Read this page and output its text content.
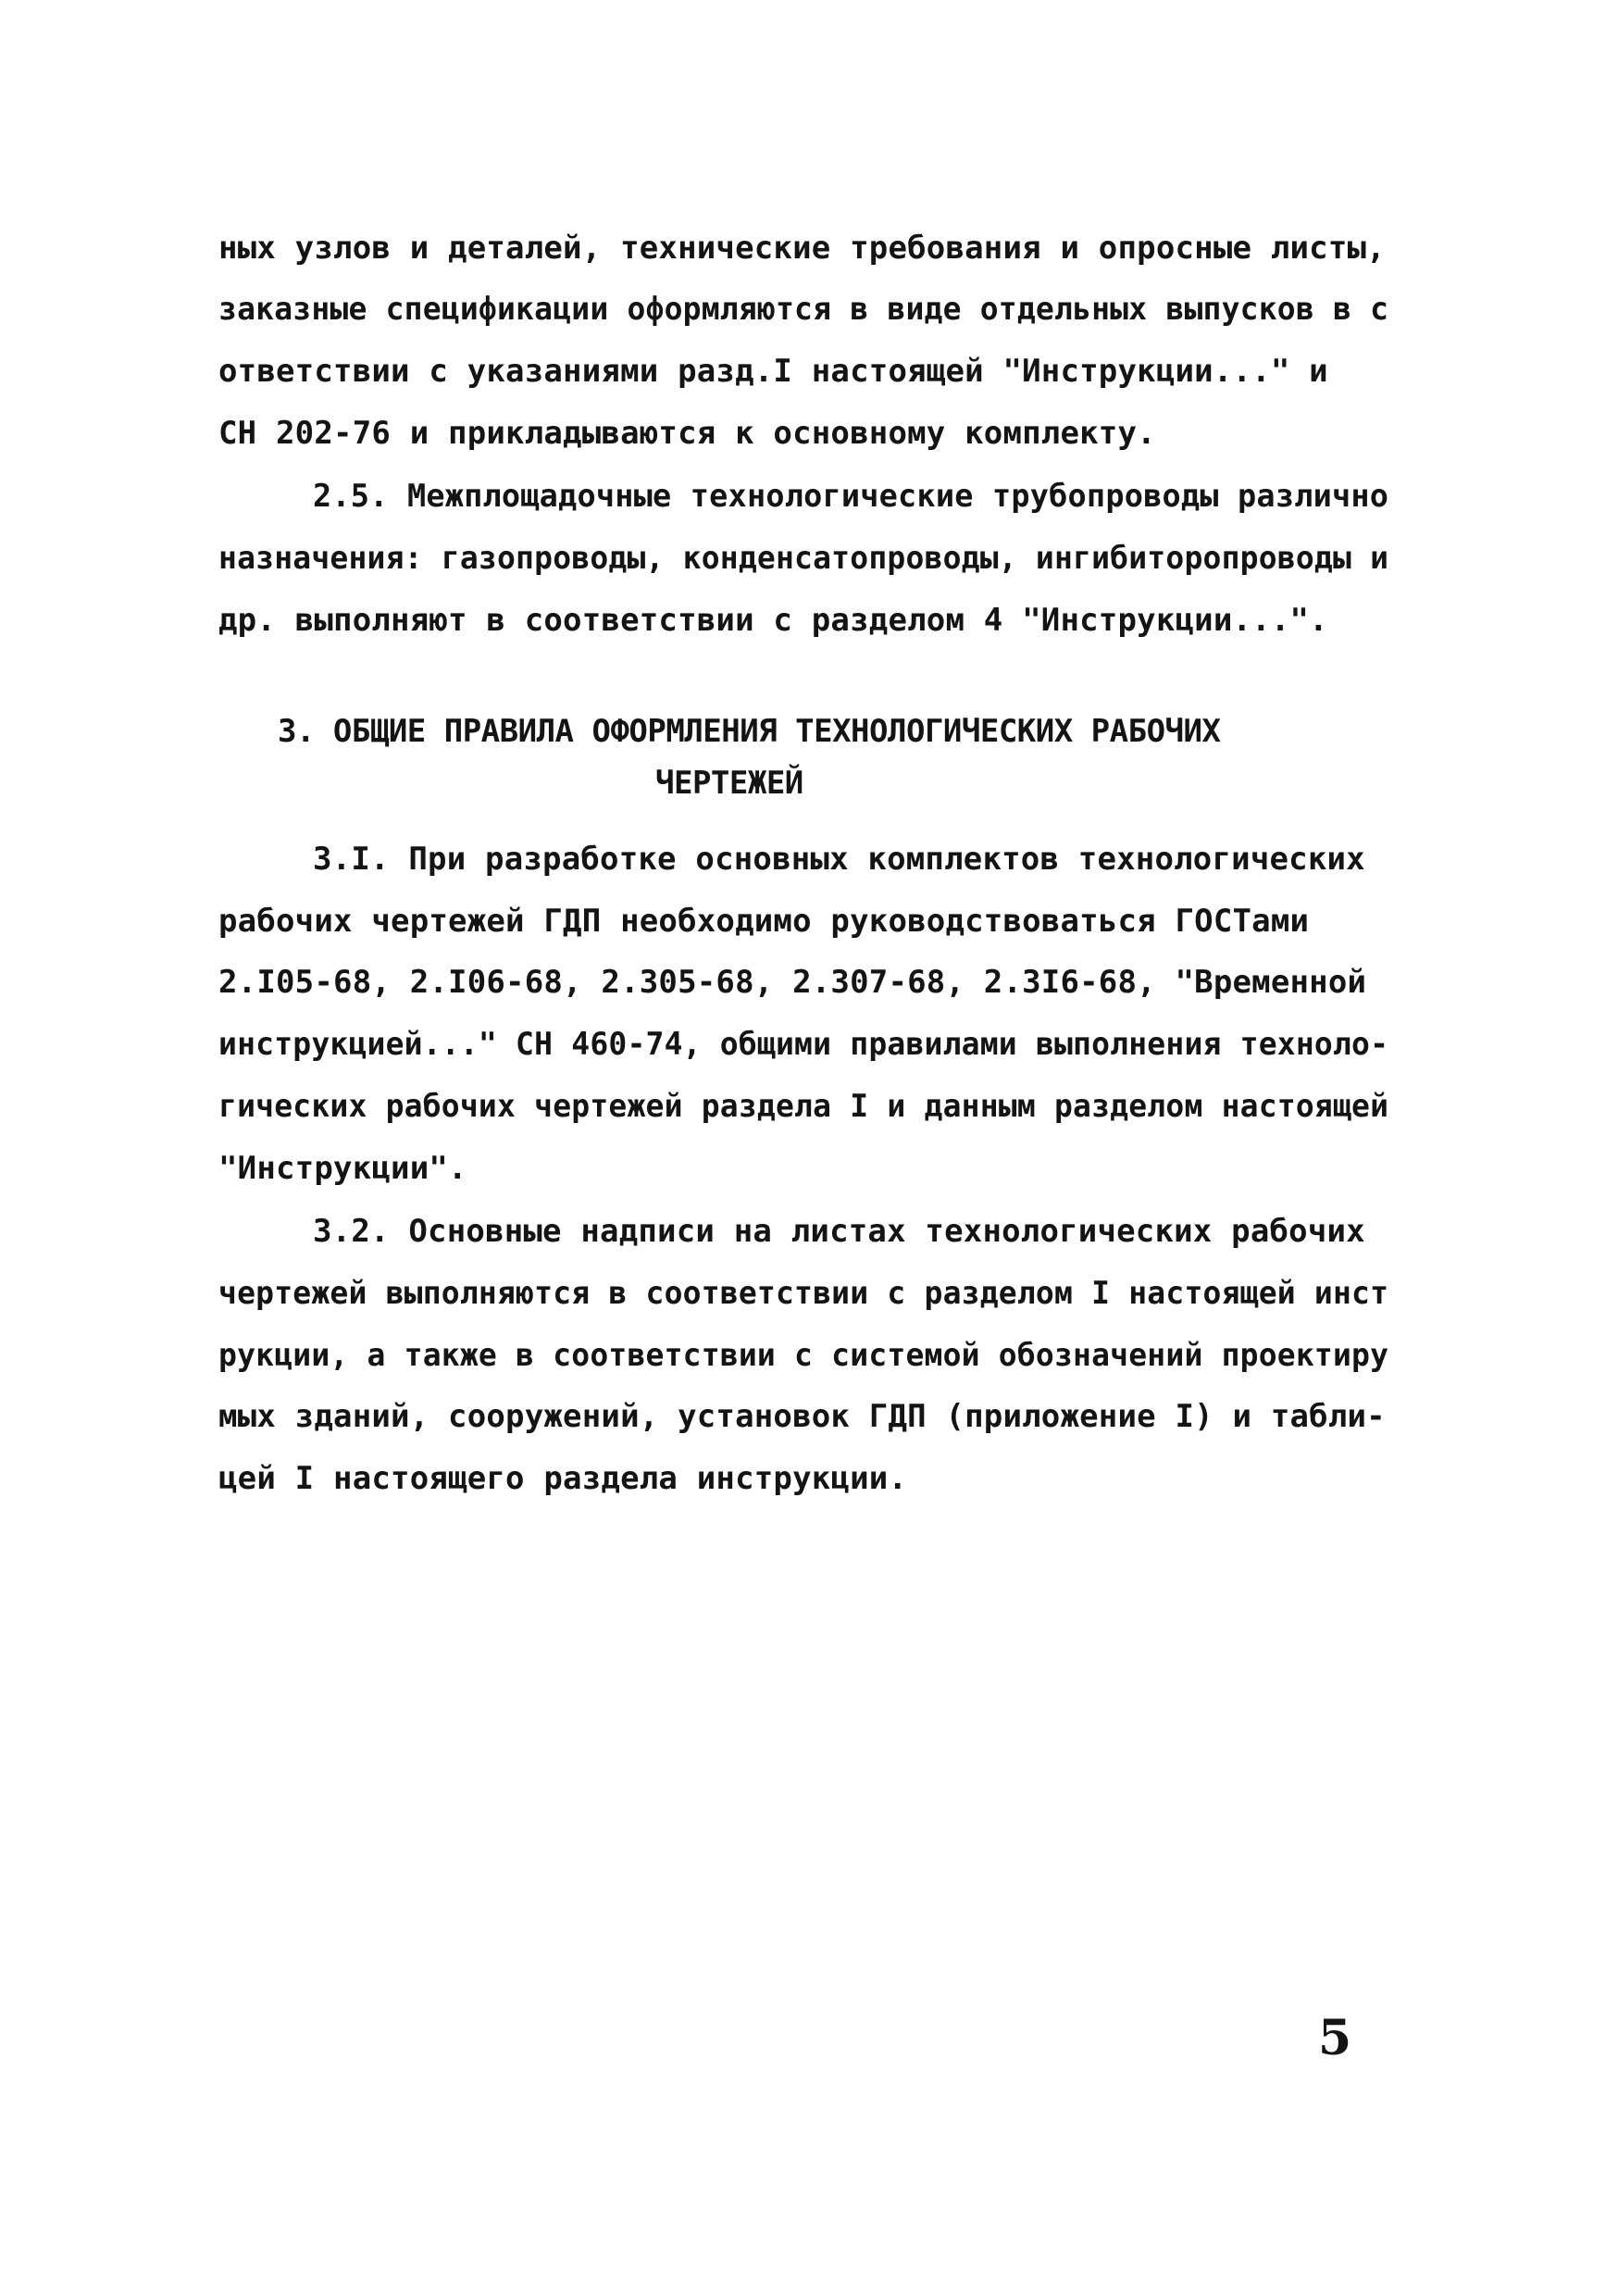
ных узлов и деталей, технические требования и опросные листы,
заказные спецификации оформляются в виде отдельных выпусков в с
ответствии с указаниями разд.I настоящей "Инструкции..." и
СН 202-76 и прикладываются к основному комплекту.
2.5. Межплощадочные технологические трубопроводы различно
назначения: газопроводы, конденсатопроводы, ингибиторопроводы и
др. выполняют в соответствии с разделом 4 "Инструкции...".
3. ОБЩИЕ ПРАВИЛА ОФОРМЛЕНИЯ ТЕХНОЛОГИЧЕСКИХ РАБОЧИХ
ЧЕРТЕЖЕЙ
3.I. При разработке основных комплектов технологических
рабочих чертежей ГДП необходимо руководствоваться ГОСТами
2.I05-68, 2.I06-68, 2.305-68, 2.307-68, 2.3I6-68, "Временной
инструкцией..." СН 460-74, общими правилами выполнения техноло-
гических рабочих чертежей раздела I и данным разделом настоящей
"Инструкции".
3.2. Основные надписи на листах технологических рабочих
чертежей выполняются в соответствии с разделом I настоящей инст
рукции, а также в соответствии с системой обозначений проектиру
мых зданий, сооружений, установок ГДП (приложение I) и табли-
цей I настоящего раздела инструкции.
5
